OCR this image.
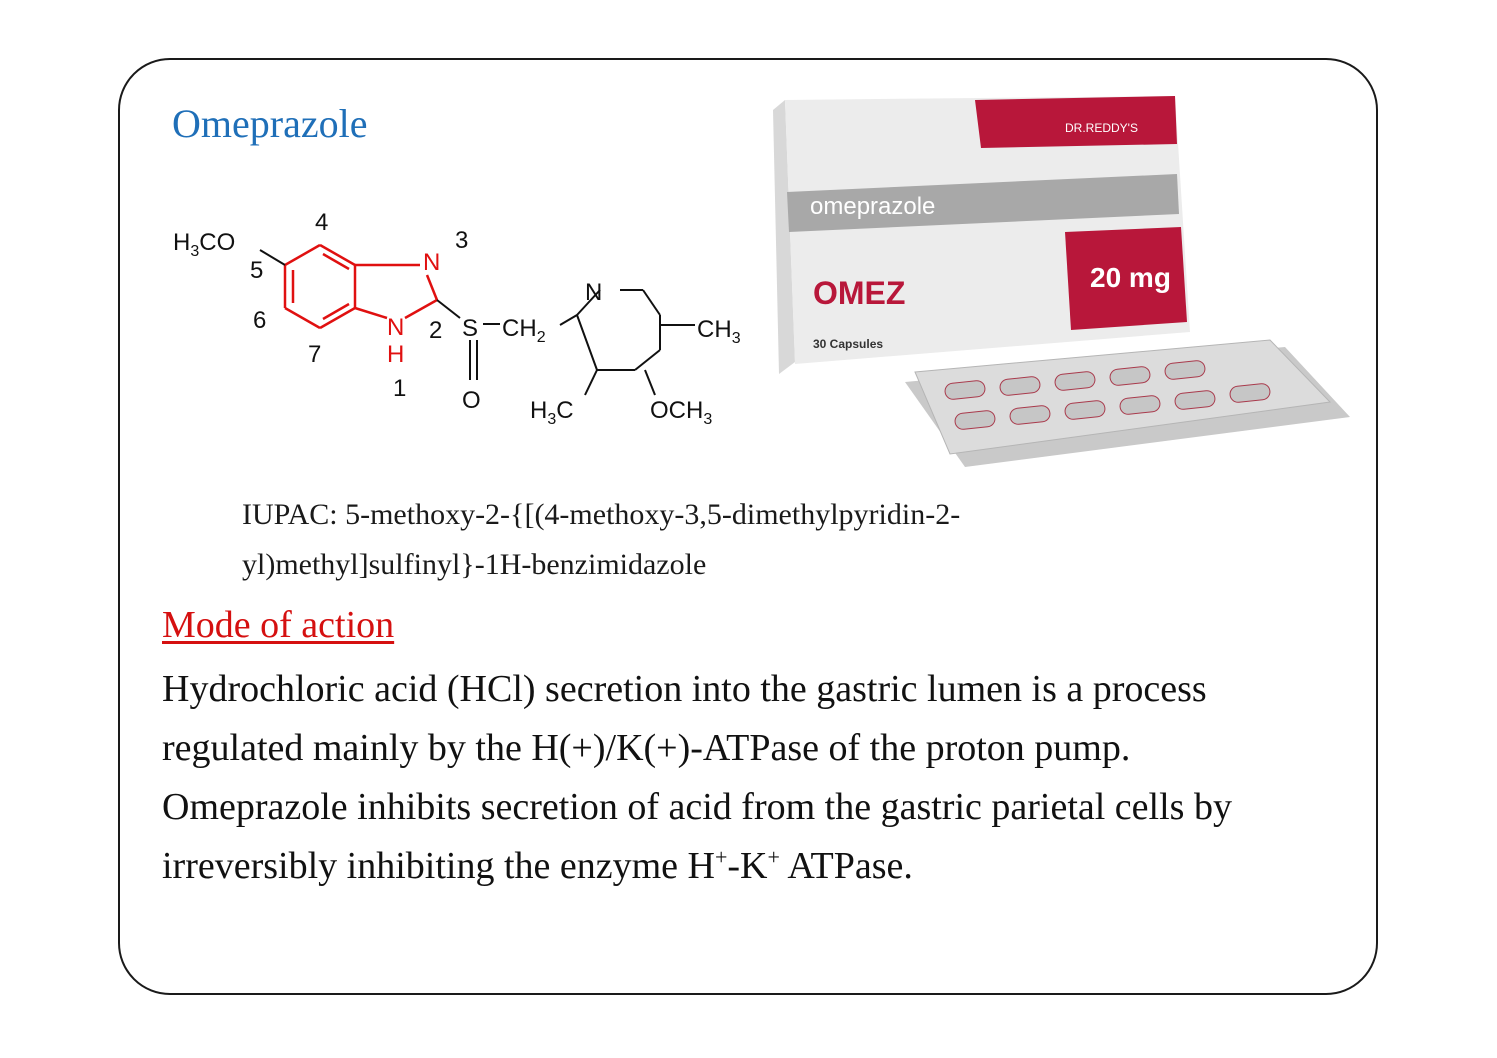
Omeprazole
$H_3CO$
4
5
6
7
3
N
N
H
2
1
S $CH_2$
O
N
$CH_3$
$H_3C$	$OCH_3$
DR.REDDY'S
omeprazole
20 mg
OMEZ
30 Capsules
IUPAC: 5-methoxy-2-{[(4-methoxy-3,5-dimethylpyridin-2-yl)methyl]sulfinyl}-1H-benzimidazole
Mode of action

Hydrochloric acid (HCl) secretion into the gastric lumen is a process regulated mainly by the H(+)/K(+)-ATPase of the proton pump.

Omeprazole inhibits secretion of acid from the gastric parietal cells by irreversibly inhibiting the enzyme H+-K+ ATPase.
